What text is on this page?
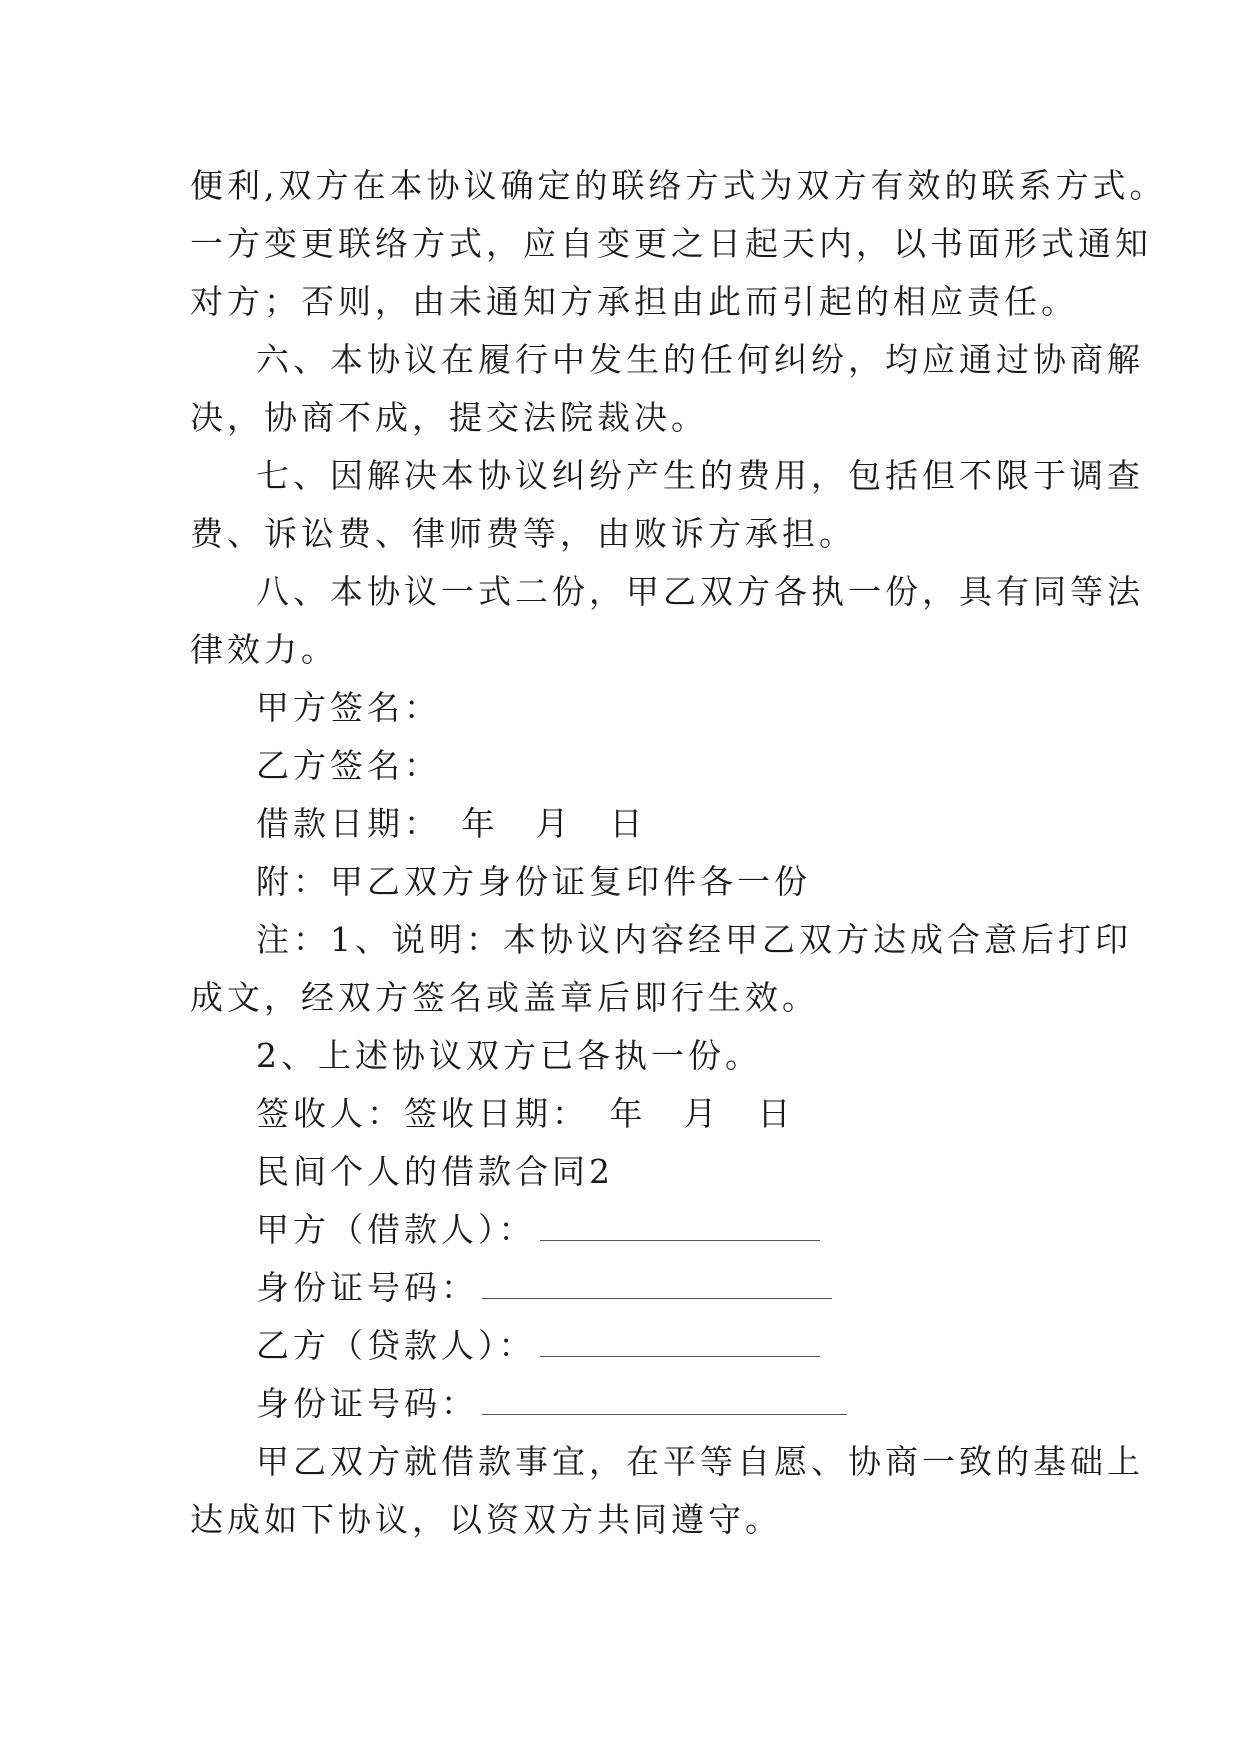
便利,双方在本协议确定的联络方式为双方有效的联系方式。
一方变更联络方式，应自变更之日起天内，以书面形式通知
对方；否则，由未通知方承担由此而引起的相应责任。
六、本协议在履行中发生的任何纠纷，均应通过协商解
决，协商不成，提交法院裁决。
七、因解决本协议纠纷产生的费用，包括但不限于调查
费、诉讼费、律师费等，由败诉方承担。
八、本协议一式二份，甲乙双方各执一份，具有同等法
律效力。
甲方签名：
乙方签名：
借款日期：　年　月　日
附：甲乙双方身份证复印件各一份
注：1、说明：本协议内容经甲乙双方达成合意后打印
成文，经双方签名或盖章后即行生效。
2、上述协议双方已各执一份。
签收人：签收日期：　年　月　日
民间个人的借款合同2
甲方（借款人）：
身份证号码：
乙方（贷款人）：
身份证号码：
甲乙双方就借款事宜，在平等自愿、协商一致的基础上
达成如下协议，以资双方共同遵守。
